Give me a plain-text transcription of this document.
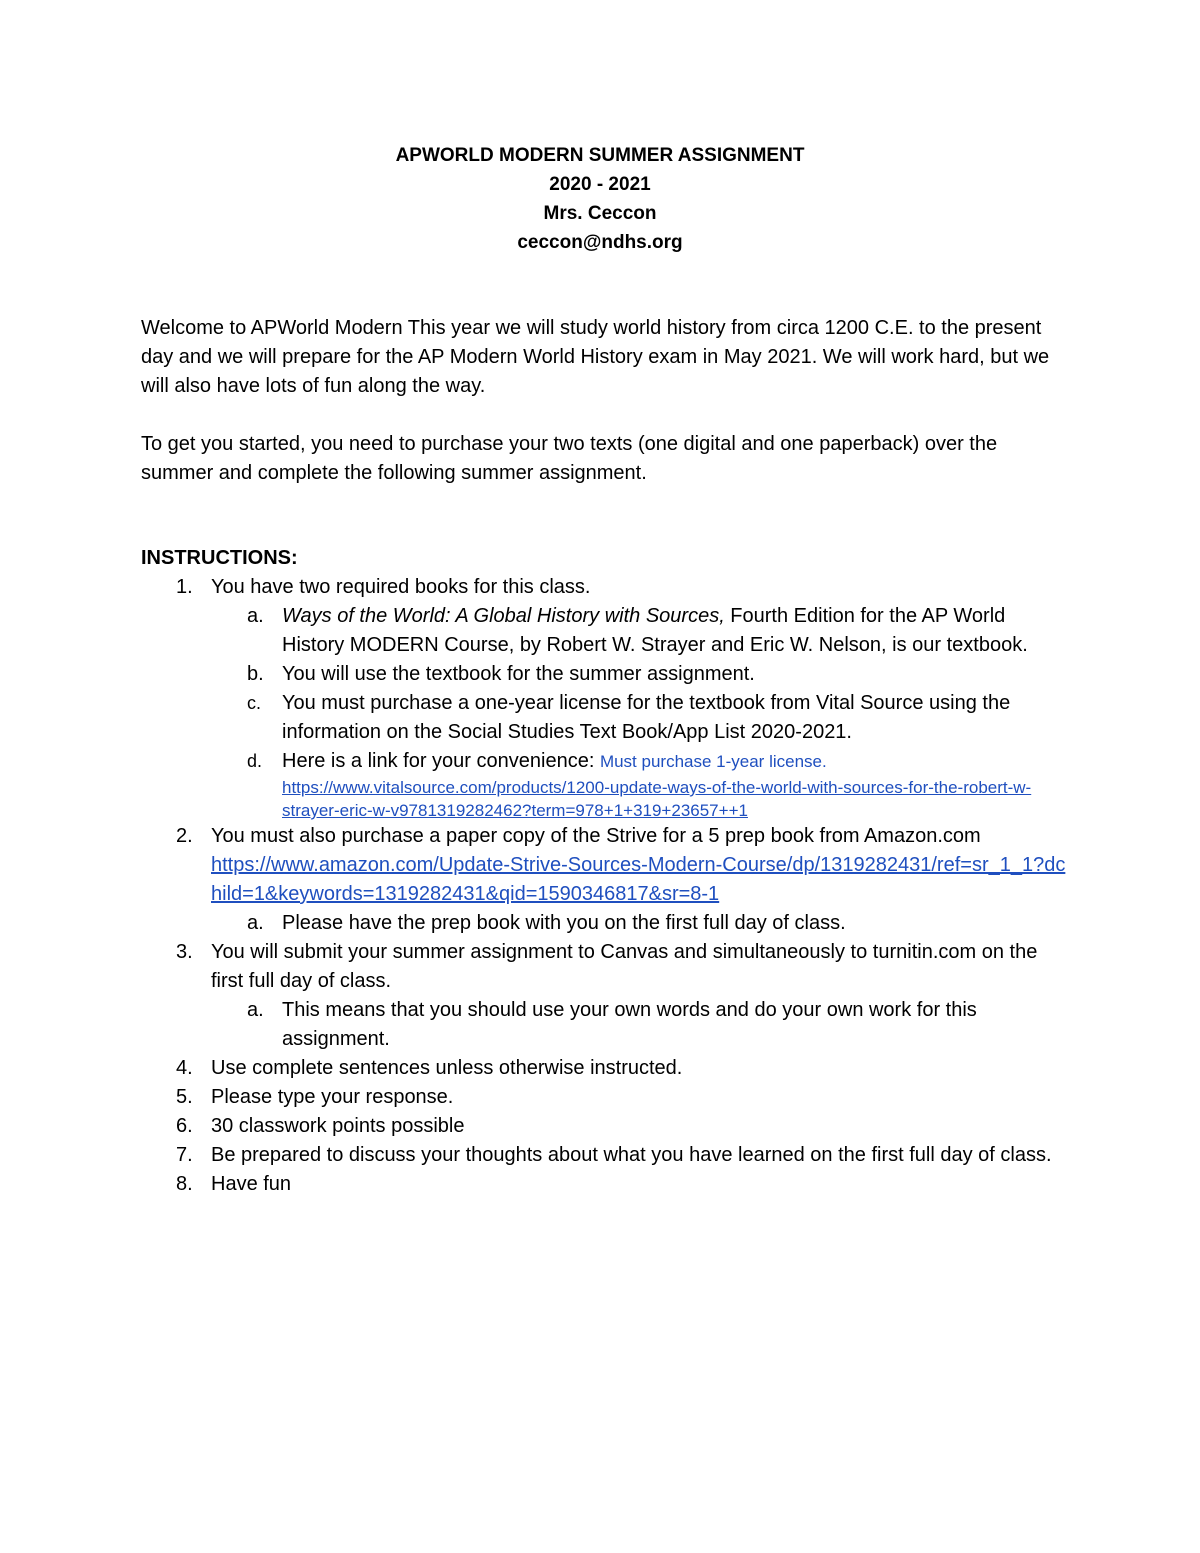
APWORLD MODERN SUMMER ASSIGNMENT
2020 - 2021
Mrs. Ceccon
ceccon@ndhs.org
Welcome to APWorld Modern This year we will study world history from circa 1200 C.E. to the present day and we will prepare for the AP Modern World History exam in May 2021. We will work hard, but we will also have lots of fun along the way.
To get you started, you need to purchase your two texts (one digital and one paperback) over the summer and complete the following summer assignment.
INSTRUCTIONS:
1. You have two required books for this class.
a. Ways of the World: A Global History with Sources, Fourth Edition for the AP World History MODERN Course, by Robert W. Strayer and Eric W. Nelson, is our textbook.
b. You will use the textbook for the summer assignment.
c. You must purchase a one-year license for the textbook from Vital Source using the information on the Social Studies Text Book/App List 2020-2021.
d. Here is a link for your convenience: Must purchase 1-year license.
https://www.vitalsource.com/products/1200-update-ways-of-the-world-with-sources-for-the-robert-w-strayer-eric-w-v9781319282462?term=978+1+319+23657++1
2. You must also purchase a paper copy of the Strive for a 5 prep book from Amazon.com
https://www.amazon.com/Update-Strive-Sources-Modern-Course/dp/1319282431/ref=sr_1_1?dchild=1&keywords=1319282431&qid=1590346817&sr=8-1
a. Please have the prep book with you on the first full day of class.
3. You will submit your summer assignment to Canvas and simultaneously to turnitin.com on the first full day of class.
a. This means that you should use your own words and do your own work for this assignment.
4. Use complete sentences unless otherwise instructed.
5. Please type your response.
6. 30 classwork points possible
7. Be prepared to discuss your thoughts about what you have learned on the first full day of class.
8. Have fun
